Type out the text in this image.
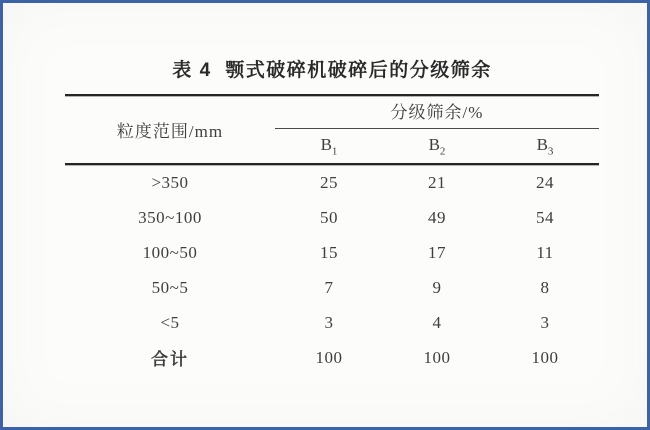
表 4  颚式破碎机破碎后的分级筛余
粒度范围/mm
分级筛余/%
$B_1$	$B_2$	$B_3$
>350	25	21	24
350~100	50	49	54
100~50	15	17	11
50~5	7	9	8
<5	3	4	3
合计	100	100	100
